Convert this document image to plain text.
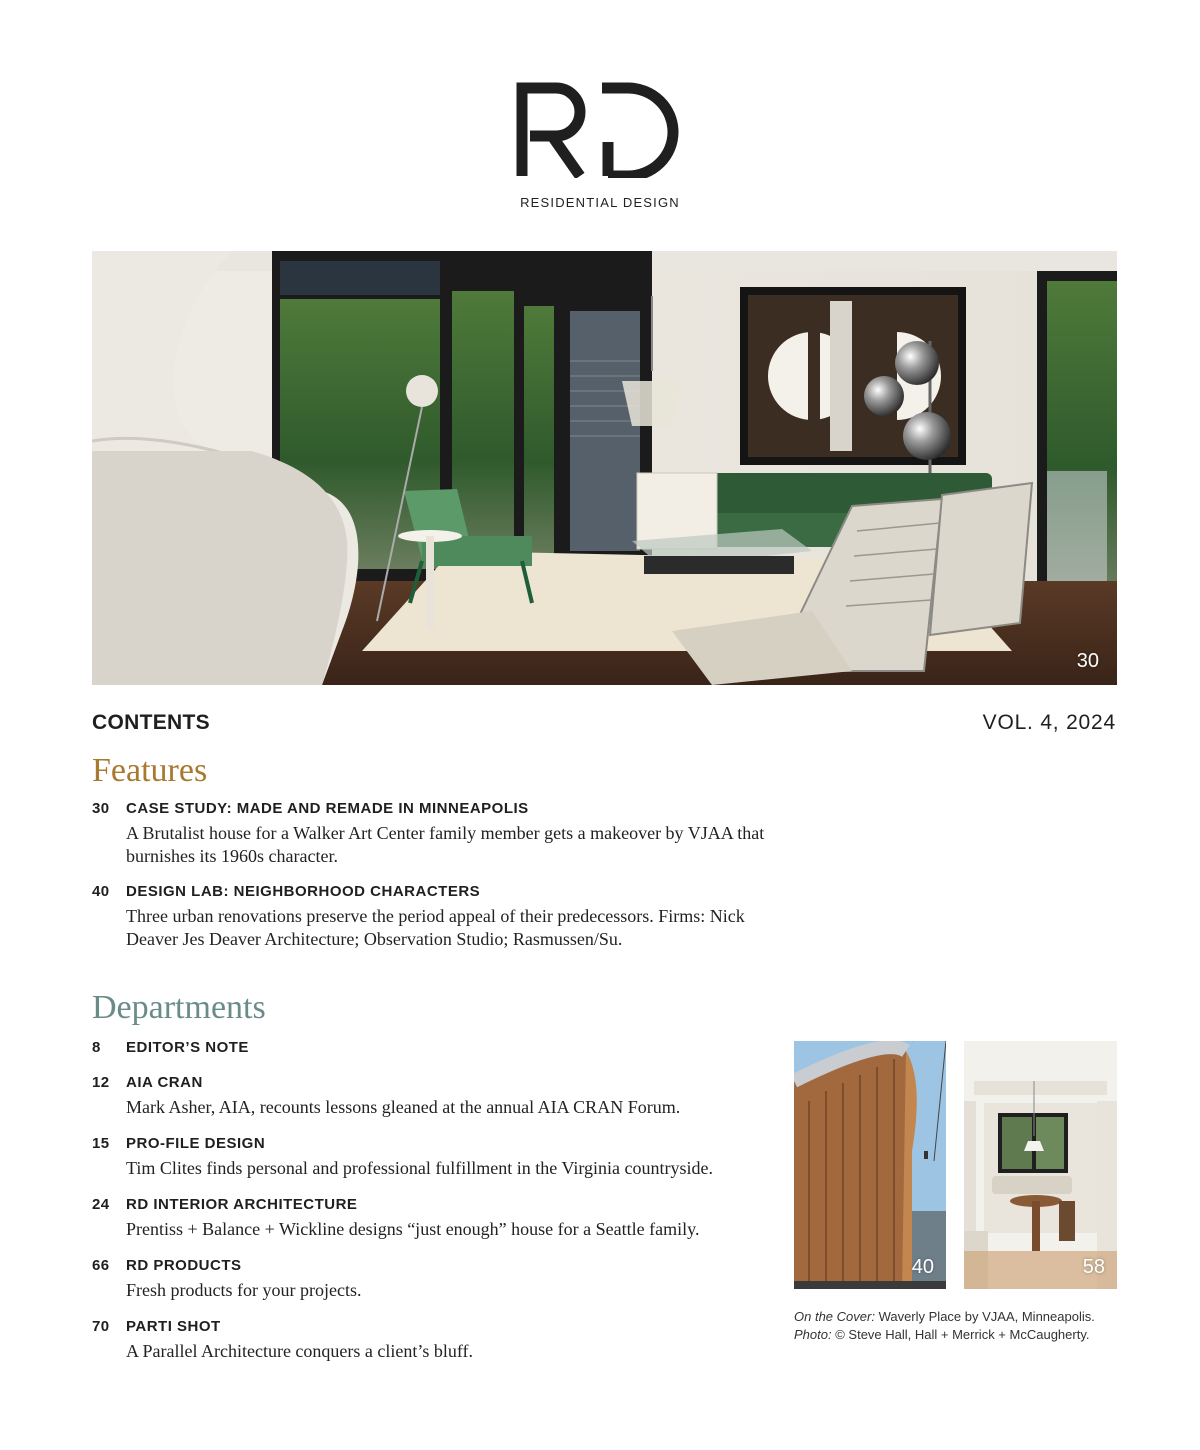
RESIDENTIAL DESIGN
30
CONTENTS	VOL. 4, 2024
Features
30	CASE STUDY: MADE AND REMADE IN MINNEAPOLIS
A Brutalist house for a Walker Art Center family member gets a makeover by VJAA that burnishes its 1960s character.
40	DESIGN LAB: NEIGHBORHOOD CHARACTERS
Three urban renovations preserve the period appeal of their predecessors. Firms: Nick Deaver Jes Deaver Architecture; Observation Studio; Rasmussen/Su.
Departments
8	EDITOR’S NOTE
12	AIA CRAN
Mark Asher, AIA, recounts lessons gleaned at the annual AIA CRAN Forum.
15	PRO-FILE DESIGN
Tim Clites finds personal and professional fulfillment in the Virginia countryside.
24	RD INTERIOR ARCHITECTURE
Prentiss + Balance + Wickline designs “just enough” house for a Seattle family.
66	RD PRODUCTS
Fresh products for your projects.
70	PARTI SHOT
A Parallel Architecture conquers a client’s bluff.
40	58
On the Cover: Waverly Place by VJAA, Minneapolis.
Photo: © Steve Hall, Hall + Merrick + McCaugherty.
